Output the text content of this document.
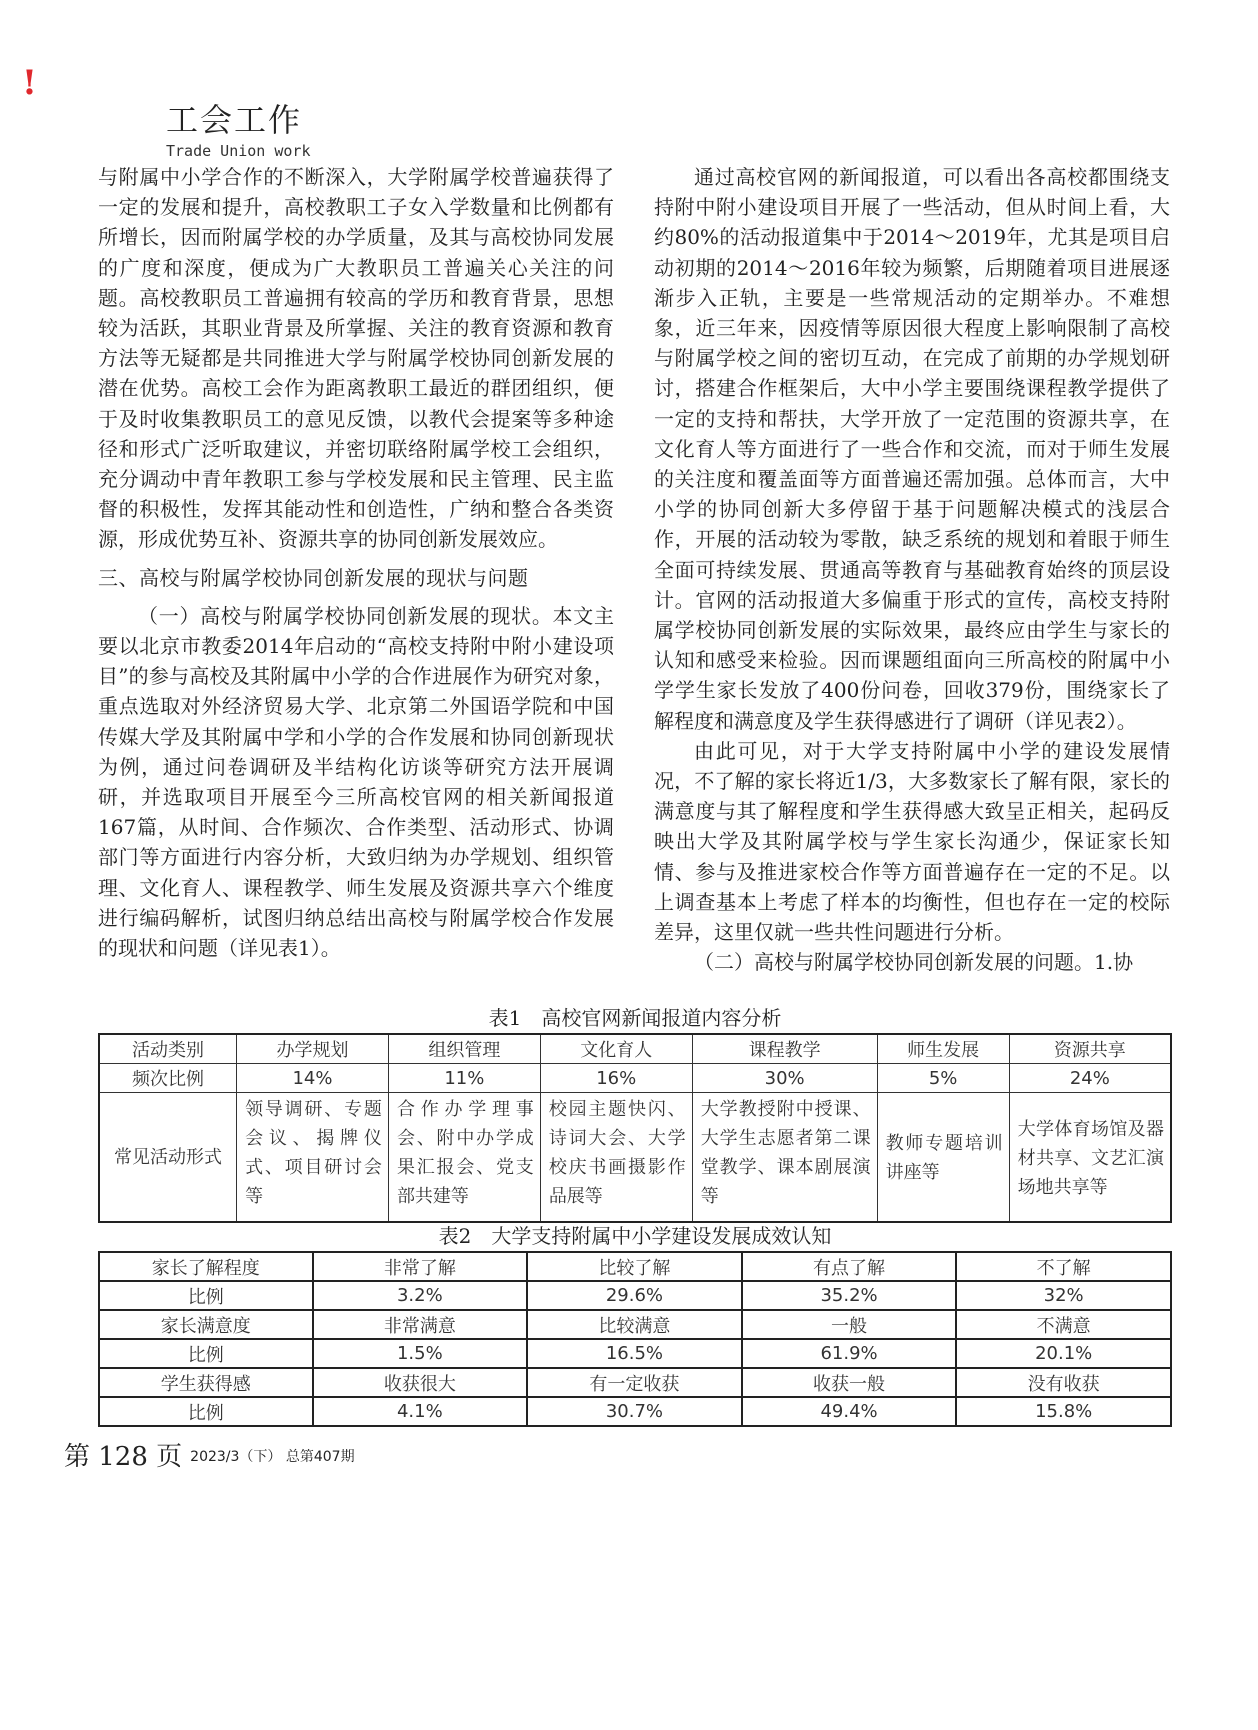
!
工会工作
Trade Union work

与附属中小学合作的不断深入，大学附属学校普遍获得了一定的发展和提升，高校教职工子女入学数量和比例都有所增长，因而附属学校的办学质量，及其与高校协同发展的广度和深度，便成为广大教职员工普遍关心关注的问题。高校教职员工普遍拥有较高的学历和教育背景，思想较为活跃，其职业背景及所掌握、关注的教育资源和教育方法等无疑都是共同推进大学与附属学校协同创新发展的潜在优势。高校工会作为距离教职工最近的群团组织，便于及时收集教职员工的意见反馈，以教代会提案等多种途径和形式广泛听取建议，并密切联络附属学校工会组织，充分调动中青年教职工参与学校发展和民主管理、民主监督的积极性，发挥其能动性和创造性，广纳和整合各类资源，形成优势互补、资源共享的协同创新发展效应。

三、高校与附属学校协同创新发展的现状与问题

（一）高校与附属学校协同创新发展的现状。本文主要以北京市教委2014年启动的“高校支持附中附小建设项目”的参与高校及其附属中小学的合作进展作为研究对象，重点选取对外经济贸易大学、北京第二外国语学院和中国传媒大学及其附属中学和小学的合作发展和协同创新现状为例，通过问卷调研及半结构化访谈等研究方法开展调研，并选取项目开展至今三所高校官网的相关新闻报道167篇，从时间、合作频次、合作类型、活动形式、协调部门等方面进行内容分析，大致归纳为办学规划、组织管理、文化育人、课程教学、师生发展及资源共享六个维度进行编码解析，试图归纳总结出高校与附属学校合作发展的现状和问题（详见表1）。

通过高校官网的新闻报道，可以看出各高校都围绕支持附中附小建设项目开展了一些活动，但从时间上看，大约80%的活动报道集中于2014～2019年，尤其是项目启动初期的2014～2016年较为频繁，后期随着项目进展逐渐步入正轨，主要是一些常规活动的定期举办。不难想象，近三年来，因疫情等原因很大程度上影响限制了高校与附属学校之间的密切互动，在完成了前期的办学规划研讨，搭建合作框架后，大中小学主要围绕课程教学提供了一定的支持和帮扶，大学开放了一定范围的资源共享，在文化育人等方面进行了一些合作和交流，而对于师生发展的关注度和覆盖面等方面普遍还需加强。总体而言，大中小学的协同创新大多停留于基于问题解决模式的浅层合作，开展的活动较为零散，缺乏系统的规划和着眼于师生全面可持续发展、贯通高等教育与基础教育始终的顶层设计。官网的活动报道大多偏重于形式的宣传，高校支持附属学校协同创新发展的实际效果，最终应由学生与家长的认知和感受来检验。因而课题组面向三所高校的附属中小学学生家长发放了400份问卷，回收379份，围绕家长了解程度和满意度及学生获得感进行了调研（详见表2）。

由此可见，对于大学支持附属中小学的建设发展情况，不了解的家长将近1/3，大多数家长了解有限，家长的满意度与其了解程度和学生获得感大致呈正相关，起码反映出大学及其附属学校与学生家长沟通少，保证家长知情、参与及推进家校合作等方面普遍存在一定的不足。以上调查基本上考虑了样本的均衡性，但也存在一定的校际差异，这里仅就一些共性问题进行分析。

（二）高校与附属学校协同创新发展的问题。1.协

表1　高校官网新闻报道内容分析
活动类别	办学规划	组织管理	文化育人	课程教学	师生发展	资源共享
频次比例	14%	11%	16%	30%	5%	24%
常见活动形式	领导调研、专题会议、揭牌仪式、项目研讨会等	合作办学理事会、附中办学成果汇报会、党支部共建等	校园主题快闪、诗词大会、大学校庆书画摄影作品展等	大学教授附中授课、大学生志愿者第二课堂教学、课本剧展演等	教师专题培训讲座等	大学体育场馆及器材共享、文艺汇演场地共享等
表2　大学支持附属中小学建设发展成效认知
家长了解程度	非常了解	比较了解	有点了解	不了解
比例	3.2%	29.6%	35.2%	32%
家长满意度	非常满意	比较满意	一般	不满意
比例	1.5%	16.5%	61.9%	20.1%
学生获得感	收获很大	有一定收获	收获一般	没有收获
比例	4.1%	30.7%	49.4%	15.8%
第 128 页 2023/3（下） 总第407期
